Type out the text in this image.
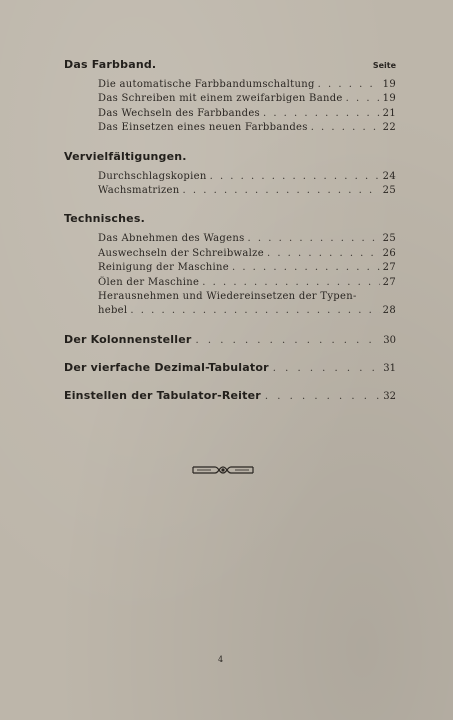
Das Farbband.	Seite
Die automatische Farbbandumschaltung . . .	19
Das Schreiben mit einem zweifarbigen Bande . . .	19
Das Wechseln des Farbbandes . . .	21
Das Einsetzen eines neuen Farbbandes . . .	22
Vervielfältigungen.
Durchschlagskopien . . .	24
Wachsmatrizen . . .	25
Technisches.
Das Abnehmen des Wagens . . .	25
Auswechseln der Schreibwalze . . .	26
Reinigung der Maschine . . .	27
Ölen der Maschine . . .	27
Herausnehmen und Wiedereinsetzen der Typen-
hebel . . .	28
Der Kolonnensteller . . .	30
Der vierfache Dezimal-Tabulator . . .	31
Einstellen der Tabulator-Reiter . . .	32
4
